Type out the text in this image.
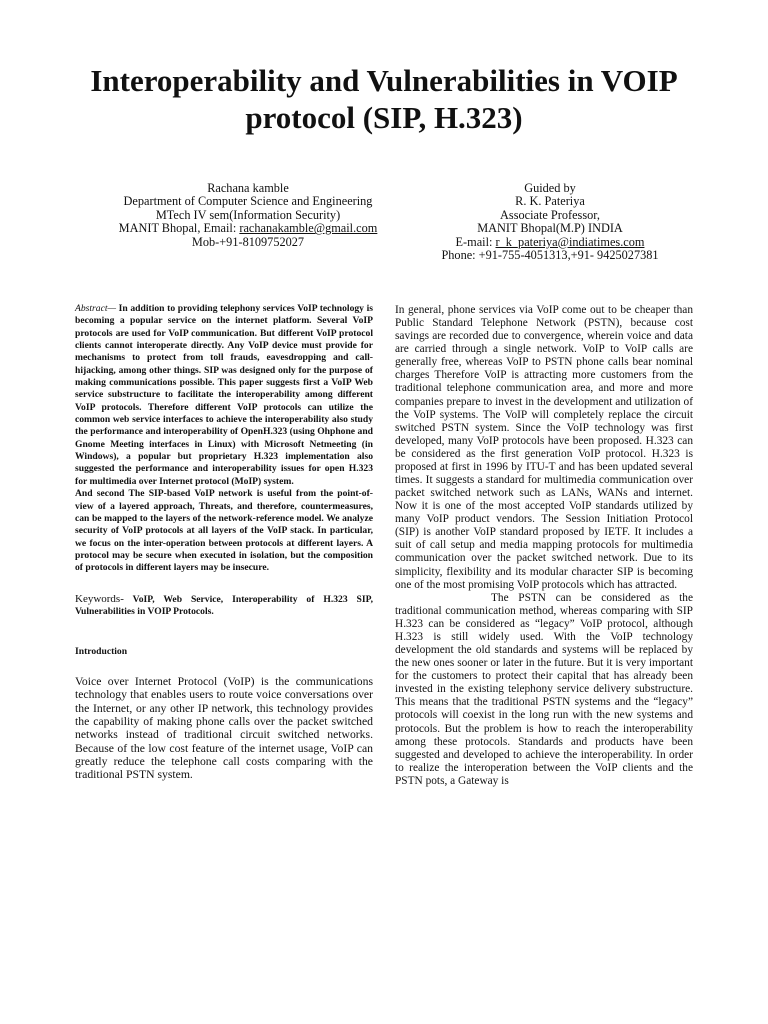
Interoperability and Vulnerabilities in VOIP protocol (SIP, H.323)
Rachana kamble
Department of Computer Science and Engineering
MTech IV sem(Information Security)
MANIT Bhopal, Email: rachanakamble@gmail.com
Mob-+91-8109752027
Guided by
R. K. Pateriya
Associate Professor,
MANIT Bhopal(M.P) INDIA
E-mail: r_k_pateriya@indiatimes.com
Phone: +91-755-4051313,+91- 9425027381

Abstract— In addition to providing telephony services VoIP technology is becoming a popular service on the internet platform. Several VoIP protocols are used for VoIP communication. But different VoIP protocol clients cannot interoperate directly. Any VoIP device must provide for mechanisms to protect from toll frauds, eavesdropping and call-hijacking, among other things. SIP was designed only for the purpose of making communications possible. This paper suggests first a VoIP Web service substructure to facilitate the interoperability among different VoIP protocols. Therefore different VoIP protocols can utilize the common web service interfaces to achieve the interoperability also study the performance and interoperability of OpenH.323 (using Ohphone and Gnome Meeting interfaces in Linux) with Microsoft Netmeeting (in Windows), a popular but proprietary H.323 implementation also suggested the performance and interoperability issues for open H.323 for multimedia over Internet protocol (MoIP) system.

And second The SIP-based VoIP network is useful from the point-of-view of a layered approach, Threats, and therefore, countermeasures, can be mapped to the layers of the network-reference model. We analyze security of VoIP protocols at all layers of the VoIP stack. In particular, we focus on the inter-operation between protocols at different layers. A protocol may be secure when executed in isolation, but the composition of protocols in different layers may be insecure.

Keywords- VoIP, Web Service, Interoperability of H.323 SIP, Vulnerabilities in VOIP Protocols.

Introduction

Voice over Internet Protocol (VoIP) is the communications technology that enables users to route voice conversations over the Internet, or any other IP network, this technology provides the capability of making phone calls over the packet switched networks instead of traditional circuit switched networks. Because of the low cost feature of the internet usage, VoIP can greatly reduce the telephone call costs comparing with the traditional PSTN system.

In general, phone services via VoIP come out to be cheaper than Public Standard Telephone Network (PSTN), because cost savings are recorded due to convergence, wherein voice and data are carried through a single network. VoIP to VoIP calls are generally free, whereas VoIP to PSTN phone calls bear nominal charges Therefore VoIP is attracting more customers from the traditional telephone communication area, and more and more companies prepare to invest in the development and utilization of the VoIP systems. The VoIP will completely replace the circuit switched PSTN system. Since the VoIP technology was first developed, many VoIP protocols have been proposed. H.323 can be considered as the first generation VoIP protocol. H.323 is proposed at first in 1996 by ITU-T and has been updated several times. It suggests a standard for multimedia communication over packet switched network such as LANs, WANs and internet. Now it is one of the most accepted VoIP standards utilized by many VoIP product vendors. The Session Initiation Protocol (SIP) is another VoIP standard proposed by IETF. It includes a suit of call setup and media mapping protocols for multimedia communication over the packet switched network. Due to its simplicity, flexibility and its modular character SIP is becoming one of the most promising VoIP protocols which has attracted.

The PSTN can be considered as the traditional communication method, whereas comparing with SIP H.323 can be considered as “legacy” VoIP protocol, although H.323 is still widely used. With the VoIP technology development the old standards and systems will be replaced by the new ones sooner or later in the future. But it is very important for the customers to protect their capital that has already been invested in the existing telephony service delivery substructure. This means that the traditional PSTN systems and the “legacy” protocols will coexist in the long run with the new systems and protocols. But the problem is how to reach the interoperability among these protocols. Standards and products have been suggested and developed to achieve the interoperability. In order to realize the interoperation between the VoIP clients and the PSTN pots, a Gateway is
